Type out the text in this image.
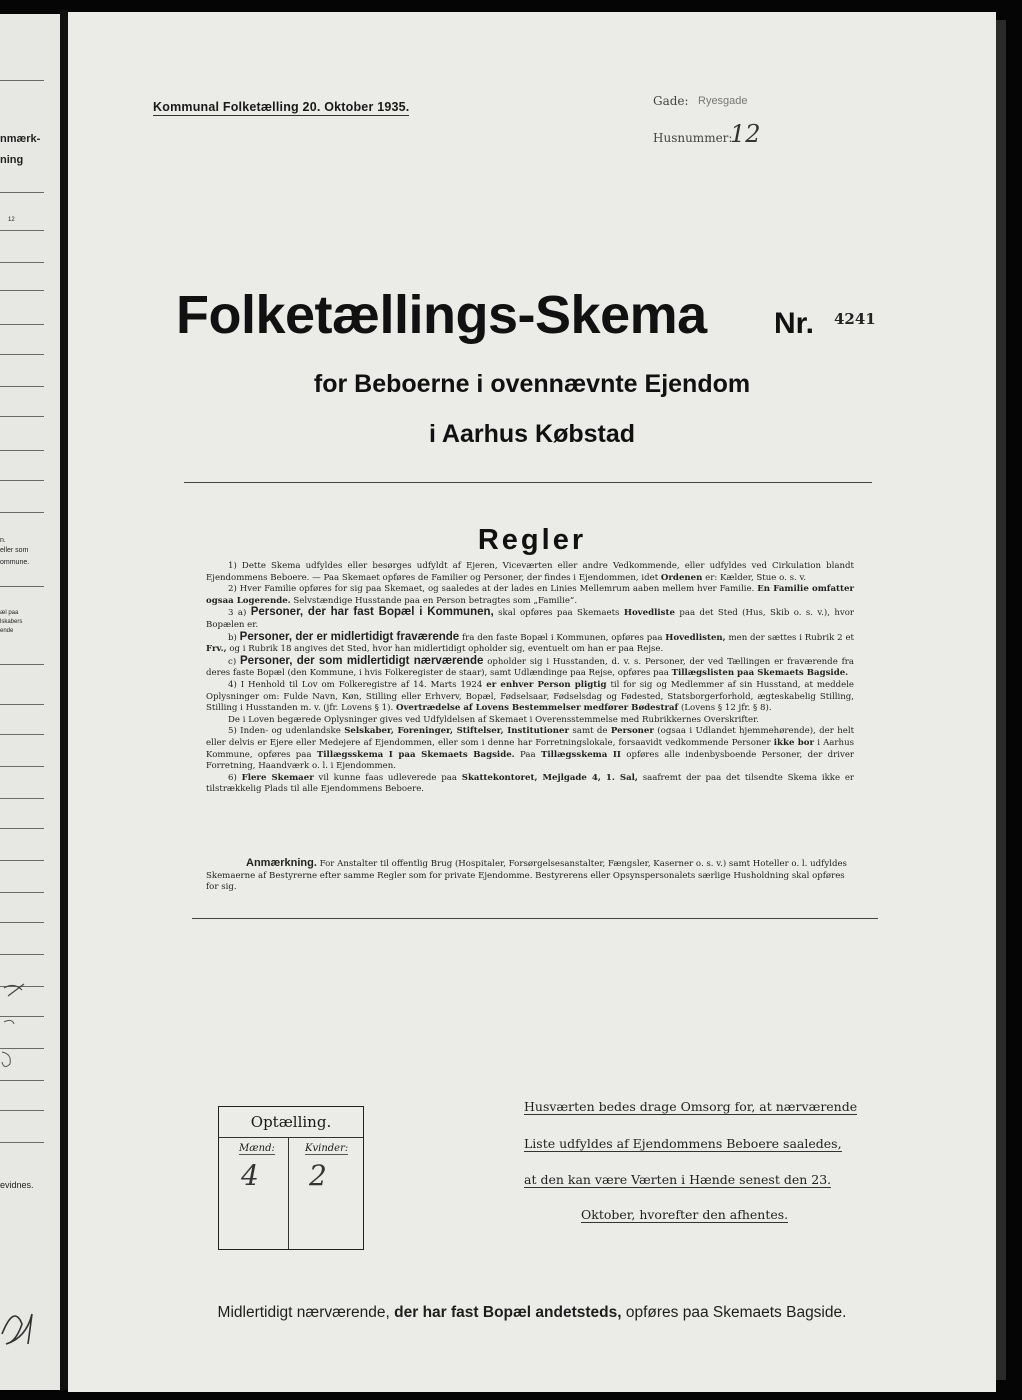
nmærk-
ning
12
n.
eller som
ommune.
æl paa
lskabers
ende
evidnes.
Kommunal Folketælling 20. Oktober 1935.	Gade: Ryesgade
Husnummer:
12
Folketællings-Skema Nr. 4241
for Beboerne i ovennævnte Ejendom
i Aarhus Købstad
Regler

1) Dette Skema udfyldes eller besørges udfyldt af Ejeren, Viceværten eller andre Vedkommende, eller udfyldes ved Cirkulation blandt Ejendommens Beboere. — Paa Skemaet opføres de Familier og Personer, der findes i Ejendommen, idet Ordenen er: Kælder, Stue o. s. v.

2) Hver Familie opføres for sig paa Skemaet, og saaledes at der lades en Linies Mellemrum aaben mellem hver Familie. En Familie omfatter ogsaa Logerende. Selvstændige Husstande paa en Person betragtes som „Familie“.

3 a) Personer, der har fast Bopæl i Kommunen, skal opføres paa Skemaets Hovedliste paa det Sted (Hus, Skib o. s. v.), hvor Bopælen er.

b) Personer, der er midlertidigt fraværende fra den faste Bopæl i Kommunen, opføres paa Hovedlisten, men der sættes i Rubrik 2 et Frv., og i Rubrik 18 angives det Sted, hvor han midlertidigt opholder sig, eventuelt om han er paa Rejse.

c) Personer, der som midlertidigt nærværende opholder sig i Husstanden, d. v. s. Personer, der ved Tællingen er fraværende fra deres faste Bopæl (den Kommune, i hvis Folkeregister de staar), samt Udlændinge paa Rejse, opføres paa Tillægslisten paa Skemaets Bagside.

4) I Henhold til Lov om Folkeregistre af 14. Marts 1924 er enhver Person pligtig til for sig og Medlemmer af sin Husstand, at meddele Oplysninger om: Fulde Navn, Køn, Stilling eller Erhverv, Bopæl, Fødselsaar, Fødselsdag og Fødested, Statsborgerforhold, ægteskabelig Stilling, Stilling i Husstanden m. v. (jfr. Lovens § 1). Overtrædelse af Lovens Bestemmelser medfører Bødestraf (Lovens § 12 jfr. § 8).

De i Loven begærede Oplysninger gives ved Udfyldelsen af Skemaet i Overensstemmelse med Rubrikkernes Overskrifter.

5) Inden- og udenlandske Selskaber, Foreninger, Stiftelser, Institutioner samt de Personer (ogsaa i Udlandet hjemmehørende), der helt eller delvis er Ejere eller Medejere af Ejendommen, eller som i denne har Forretningslokale, forsaavidt vedkommende Personer ikke bor i Aarhus Kommune, opføres paa Tillægsskema I paa Skemaets Bagside. Paa Tillægsskema II opføres alle indenbysboende Personer, der driver Forretning, Haandværk o. l. i Ejendommen.

6) Flere Skemaer vil kunne faas udleverede paa Skattekontoret, Mejlgade 4, 1. Sal, saafremt der paa det tilsendte Skema ikke er tilstrækkelig Plads til alle Ejendommens Beboere.

Anmærkning. For Anstalter til offentlig Brug (Hospitaler, Forsørgelsesanstalter, Fængsler, Kaserner o. s. v.) samt Hoteller o. l. udfyldes Skemaerne af Bestyrerne efter samme Regler som for private Ejendomme. Bestyrerens eller Opsynspersonalets særlige Husholdning skal opføres for sig.
Optælling.
Mænd:	Kvinder:
4 2
Husværten bedes drage Omsorg for, at nærværende
Liste udfyldes af Ejendommens Beboere saaledes,
at den kan være Værten i Hænde senest den 23.
Oktober, hvorefter den afhentes.
Midlertidigt nærværende, der har fast Bopæl andetsteds, opføres paa Skemaets Bagside.
